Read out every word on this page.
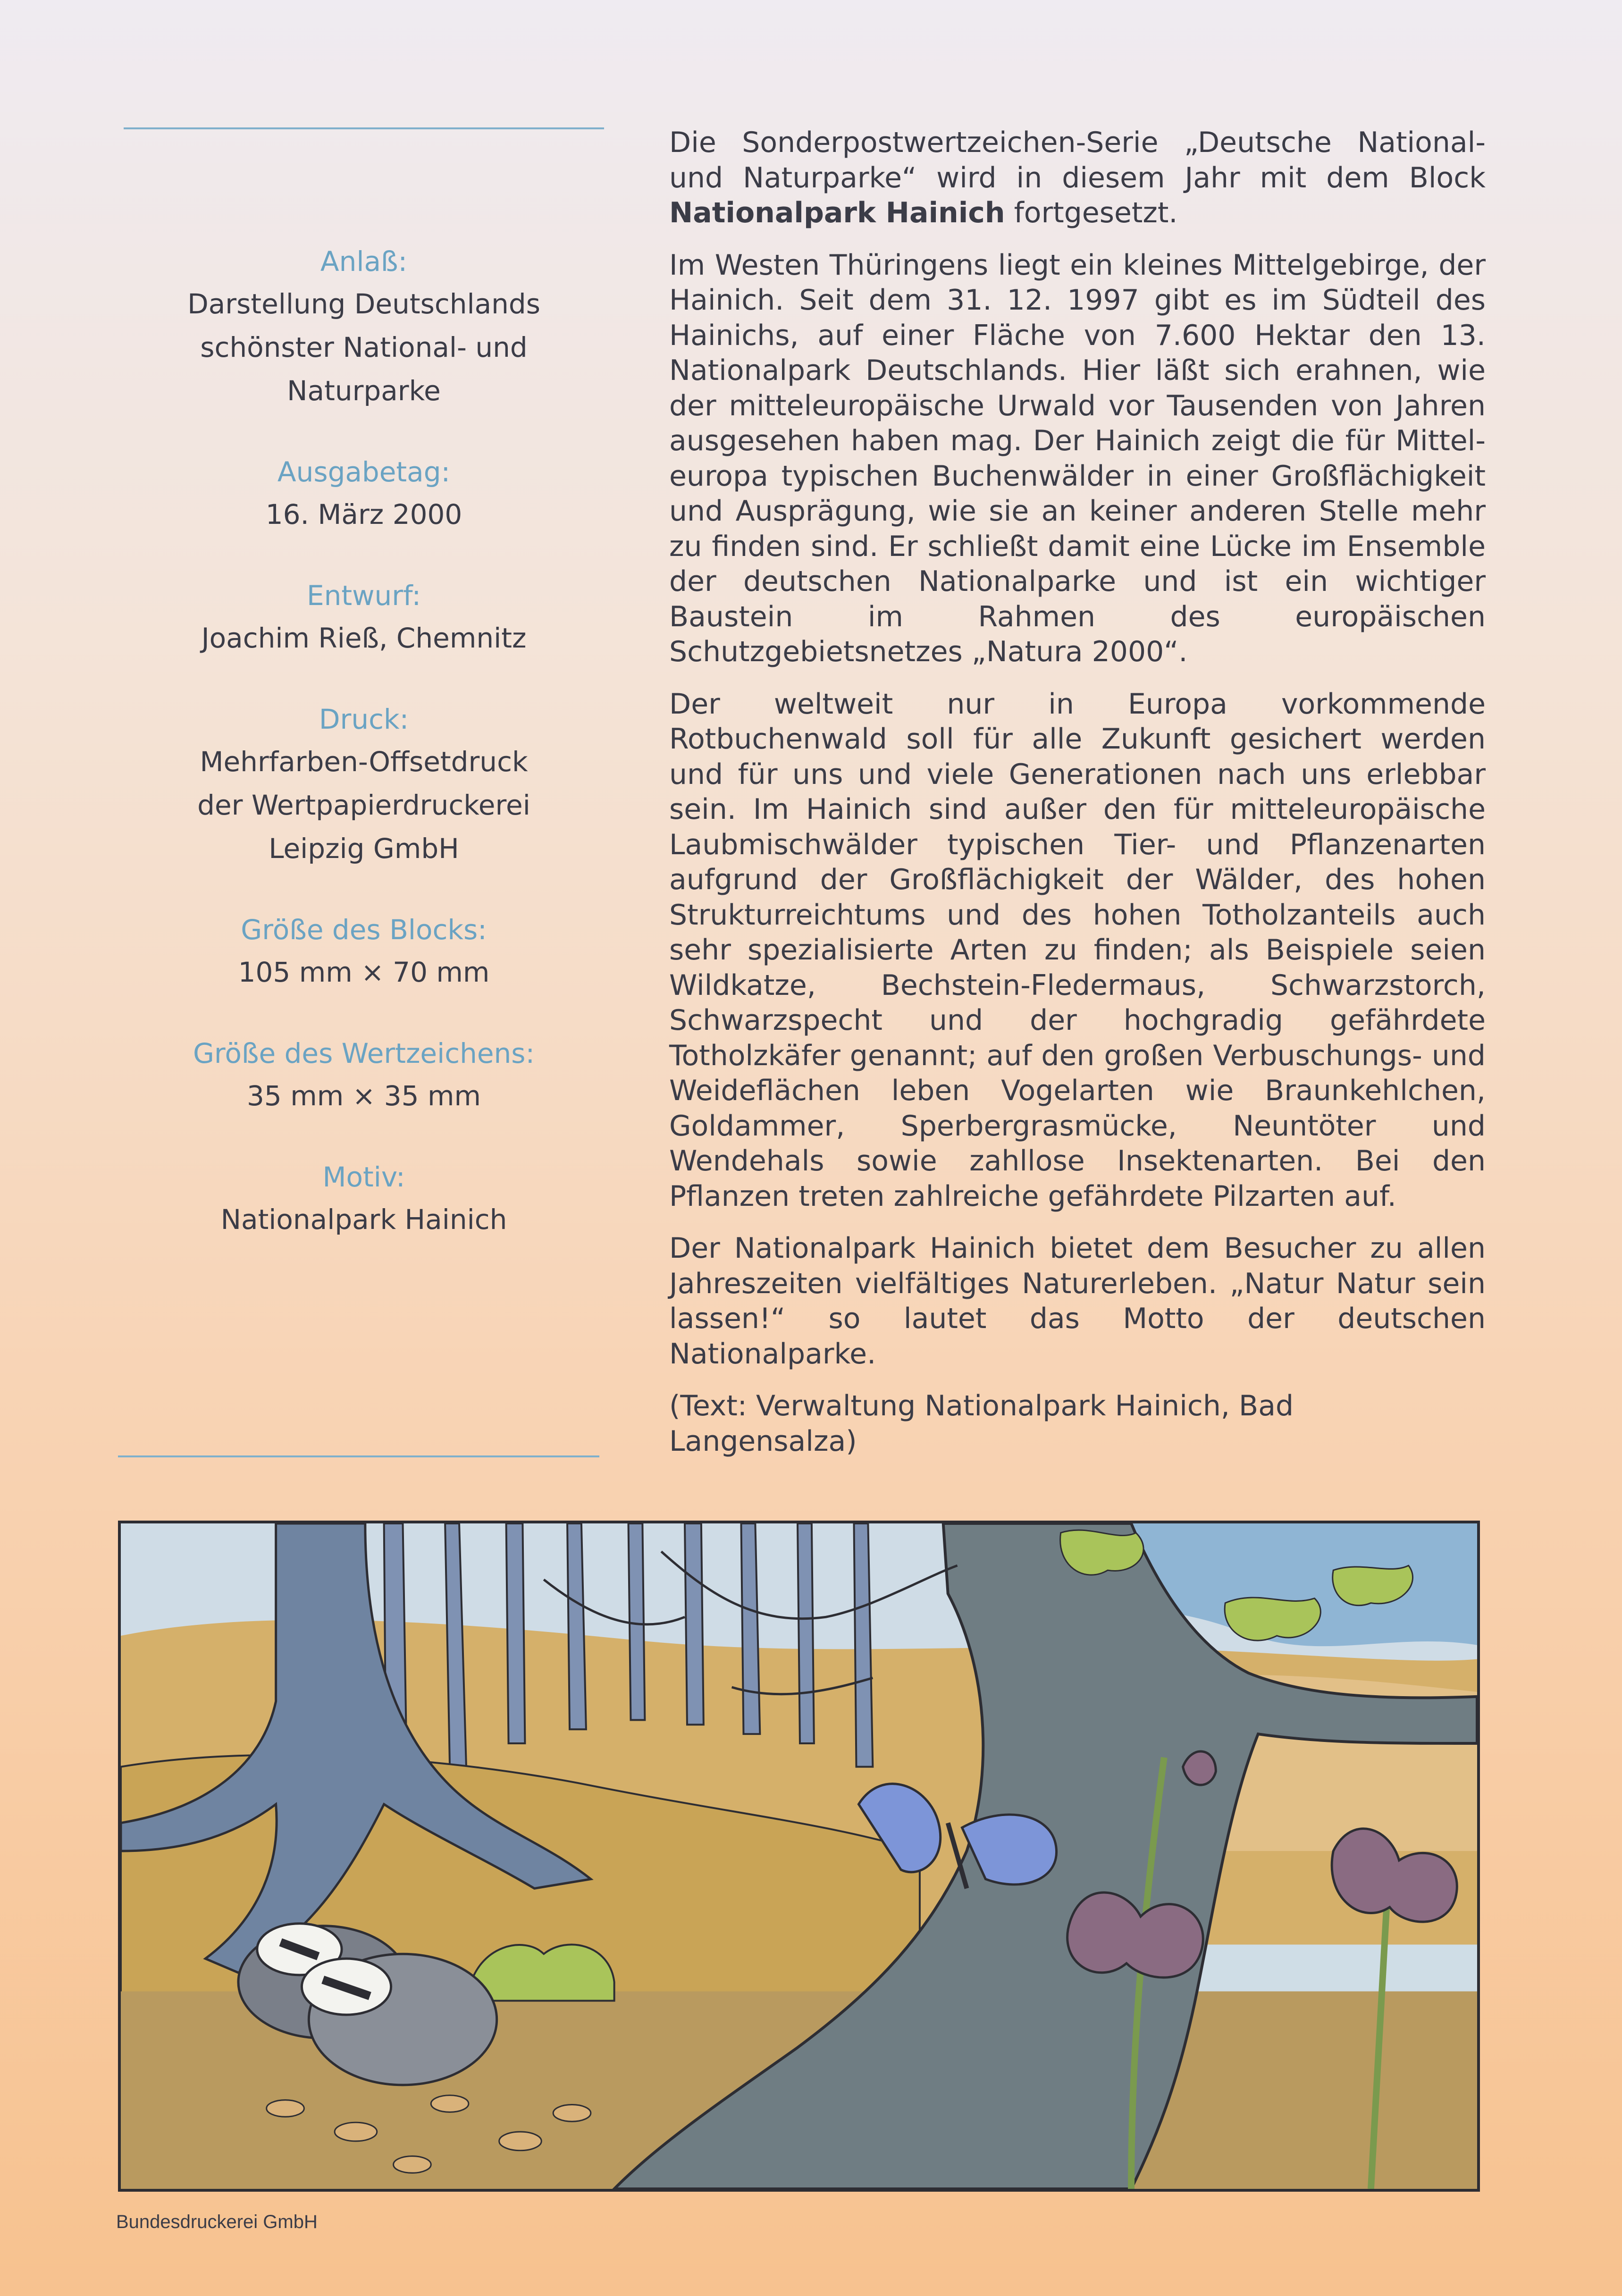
Anlaß:
Darstellung Deutschlands schönster National- und Naturparke
Ausgabetag:
16. März 2000
Entwurf:
Joachim Rieß, Chemnitz
Druck:
Mehrfarben-Offsetdruck der Wertpapierdruckerei Leipzig GmbH
Größe des Blocks:
105 mm × 70 mm
Größe des Wertzeichens:
35 mm × 35 mm
Motiv:
Nationalpark Hainich

Die Sonderpostwertzeichen-Serie „Deutsche National- und Naturparke“ wird in diesem Jahr mit dem Block Nationalpark Hainich fortgesetzt.

Im Westen Thüringens liegt ein kleines Mittelgebirge, der Hainich. Seit dem 31. 12. 1997 gibt es im Südteil des Hainichs, auf einer Fläche von 7.600 Hektar den 13. Nationalpark Deutschlands. Hier läßt sich erahnen, wie der mitteleuropäische Urwald vor Tausenden von Jahren ausgesehen haben mag. Der Hainich zeigt die für Mitteleuropa typischen Buchenwälder in einer Großflächigkeit und Ausprägung, wie sie an keiner anderen Stelle mehr zu finden sind. Er schließt damit eine Lücke im Ensemble der deutschen Nationalparke und ist ein wichtiger Baustein im Rahmen des europäischen Schutzgebietsnetzes „Natura 2000“.

Der weltweit nur in Europa vorkommende Rotbuchenwald soll für alle Zukunft gesichert werden und für uns und viele Generationen nach uns erlebbar sein. Im Hainich sind außer den für mitteleuropäische Laubmischwälder typischen Tier- und Pflanzenarten aufgrund der Großflächigkeit der Wälder, des hohen Strukturreichtums und des hohen Totholzanteils auch sehr spezialisierte Arten zu finden; als Beispiele seien Wildkatze, Bechstein-Fledermaus, Schwarzstorch, Schwarzspecht und der hochgradig gefährdete Totholzkäfer genannt; auf den großen Verbuschungs- und Weideflächen leben Vogelarten wie Braunkehlchen, Goldammer, Sperbergrasmücke, Neuntöter und Wendehals sowie zahllose Insektenarten. Bei den Pflanzen treten zahlreiche gefährdete Pilzarten auf.

Der Nationalpark Hainich bietet dem Besucher zu allen Jahreszeiten vielfältiges Naturerleben. „Natur Natur sein lassen!“ so lautet das Motto der deutschen Nationalparke.

(Text: Verwaltung Nationalpark Hainich, Bad Langensalza)

Bundesdruckerei GmbH
